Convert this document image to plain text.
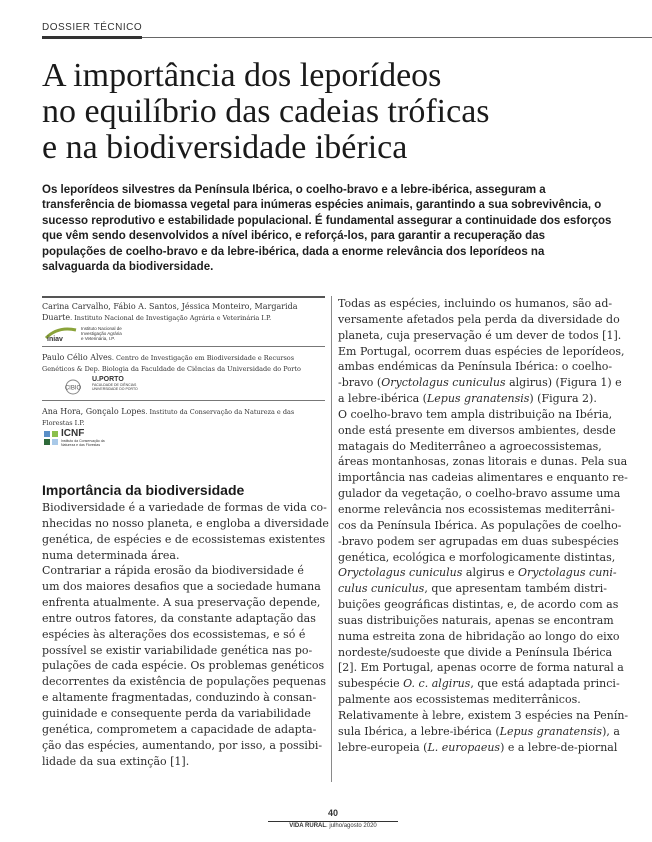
DOSSIER TÉCNICO
A importância dos leporídeos
no equilíbrio das cadeias tróficas
e na biodiversidade ibérica
Os leporídeos silvestres da Península Ibérica, o coelho-bravo e a lebre-ibérica, asseguram a transferência de biomassa vegetal para inúmeras espécies animais, garantindo a sua sobrevivência, o sucesso reprodutivo e estabilidade populacional. É fundamental assegurar a continuidade dos esforços que vêm sendo desenvolvidos a nível ibérico, e reforçá-los, para garantir a recuperação das populações de coelho-bravo e da lebre-ibérica, dada a enorme relevância dos leporídeos na salvaguarda da biodiversidade.
Carina Carvalho, Fábio A. Santos, Jéssica Monteiro, Margarida
Duarte. Instituto Nacional de Investigação Agrária e Veterinária I.P.
iniav
Instituto Nacional de Investigação Agrária e Veterinária, I.P.
Paulo Célio Alves. Centro de Investigação em Biodiversidade e Recursos
Genéticos & Dep. Biologia da Faculdade de Ciências da Universidade do Porto
CIBIO
U.PORTO
FACULDADE DE CIÊNCIAS UNIVERSIDADE DO PORTO
Ana Hora, Gonçalo Lopes. Instituto da Conservação da Natureza e das
Florestas I.P.
ICNF
Instituto da Conservação da Natureza e das Florestas
Importância da biodiversidade
Biodiversidade é a variedade de formas de vida co-
nhecidas no nosso planeta, e engloba a diversidade
genética, de espécies e de ecossistemas existentes
numa determinada área.
Contrariar a rápida erosão da biodiversidade é
um dos maiores desafios que a sociedade humana
enfrenta atualmente. A sua preservação depende,
entre outros fatores, da constante adaptação das
espécies às alterações dos ecossistemas, e só é
possível se existir variabilidade genética nas po-
pulações de cada espécie. Os problemas genéticos
decorrentes da existência de populações pequenas
e altamente fragmentadas, conduzindo à consan-
guinidade e consequente perda da variabilidade
genética, comprometem a capacidade de adapta-
ção das espécies, aumentando, por isso, a possibi-
lidade da sua extinção [1].
Todas as espécies, incluindo os humanos, são ad-
versamente afetados pela perda da diversidade do
planeta, cuja preservação é um dever de todos [1].
Em Portugal, ocorrem duas espécies de leporídeos,
ambas endémicas da Península Ibérica: o coelho-
-bravo (Oryctolagus cuniculus algirus) (Figura 1) e
a lebre-ibérica (Lepus granatensis) (Figura 2).
O coelho-bravo tem ampla distribuição na Ibéria,
onde está presente em diversos ambientes, desde
matagais do Mediterrâneo a agroecossistemas,
áreas montanhosas, zonas litorais e dunas. Pela sua
importância nas cadeias alimentares e enquanto re-
gulador da vegetação, o coelho-bravo assume uma
enorme relevância nos ecossistemas mediterrâni-
cos da Península Ibérica. As populações de coelho-
-bravo podem ser agrupadas em duas subespécies
genética, ecológica e morfologicamente distintas,
Oryctolagus cuniculus algirus e Oryctolagus cuni-
culus cuniculus, que apresentam também distri-
buições geográficas distintas, e, de acordo com as
suas distribuições naturais, apenas se encontram
numa estreita zona de hibridação ao longo do eixo
nordeste/sudoeste que divide a Península Ibérica
[2]. Em Portugal, apenas ocorre de forma natural a
subespécie O. c. algirus, que está adaptada princi-
palmente aos ecossistemas mediterrânicos.
Relativamente à lebre, existem 3 espécies na Penín-
sula Ibérica, a lebre-ibérica (Lepus granatensis), a
lebre-europeia (L. europaeus) e a lebre-de-piornal
40
VIDA RURAL. julho/agosto 2020
